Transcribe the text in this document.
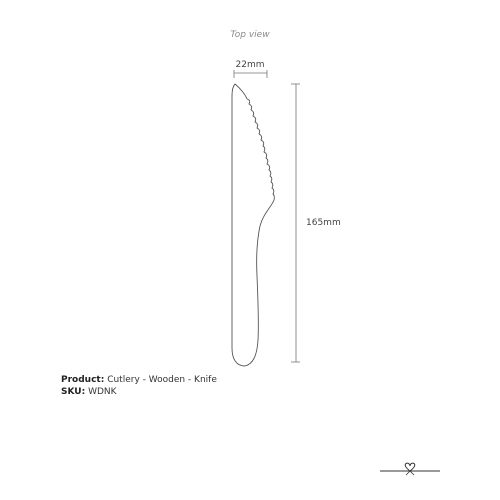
Top view
22mm
165mm
Product: Cutlery - Wooden - Knife
SKU: WDNK
